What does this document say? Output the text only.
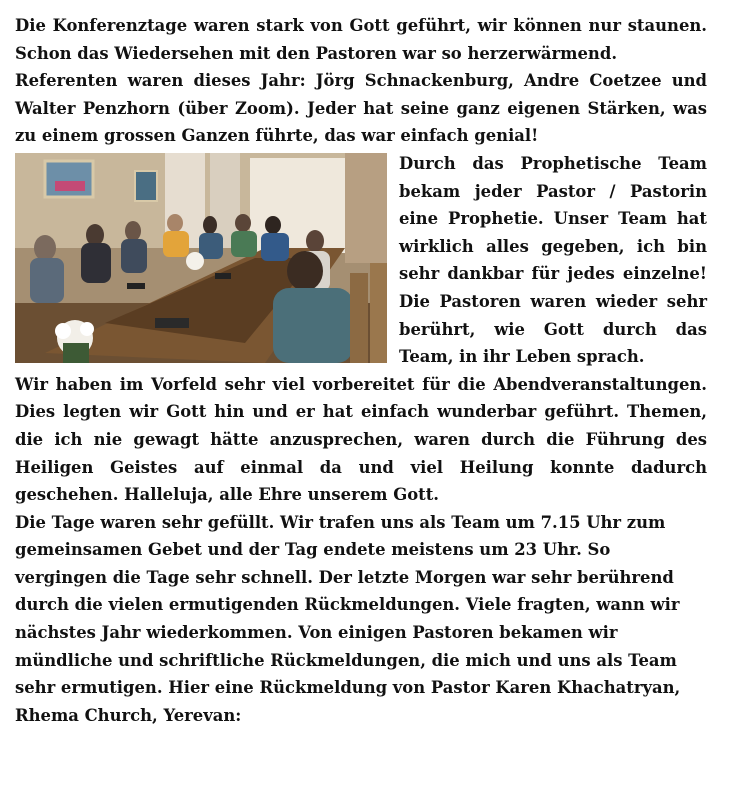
Die Konferenztage waren stark von Gott geführt, wir können nur staunen. Schon das Wiedersehen mit den Pastoren war so herzerwärmend.

Referenten waren dieses Jahr: Jörg Schnackenburg, Andre Coetzee und Walter Penzhorn (über Zoom). Jeder hat seine ganz eigenen Stärken, was zu einem grossen Ganzen führte, das war einfach genial!

Durch das Prophetische Team bekam jeder Pastor / Pastorin eine Prophetie. Unser Team hat wirklich alles gegeben, ich bin sehr dankbar für jedes einzelne! Die Pastoren waren wieder sehr berührt, wie Gott durch das Team, in ihr Leben sprach.

Wir haben im Vorfeld sehr viel vorbereitet für die Abendveranstaltungen. Dies legten wir Gott hin und er hat einfach wunderbar geführt. Themen, die ich nie gewagt hätte anzusprechen, waren durch die Führung des Heiligen Geistes auf einmal da und viel Heilung konnte dadurch geschehen. Halleluja, alle Ehre unserem Gott.

Die Tage waren sehr gefüllt. Wir trafen uns als Team um 7.15 Uhr zum gemeinsamen Gebet und der Tag endete meistens um 23 Uhr. So vergingen die Tage sehr schnell. Der letzte Morgen war sehr berührend durch die vielen ermutigenden Rückmeldungen. Viele fragten, wann wir nächstes Jahr wiederkommen. Von einigen Pastoren bekamen wir mündliche und schriftliche Rückmeldungen, die mich und uns als Team sehr ermutigen. Hier eine Rückmeldung von Pastor Karen Khachatryan, Rhema Church, Yerevan:
